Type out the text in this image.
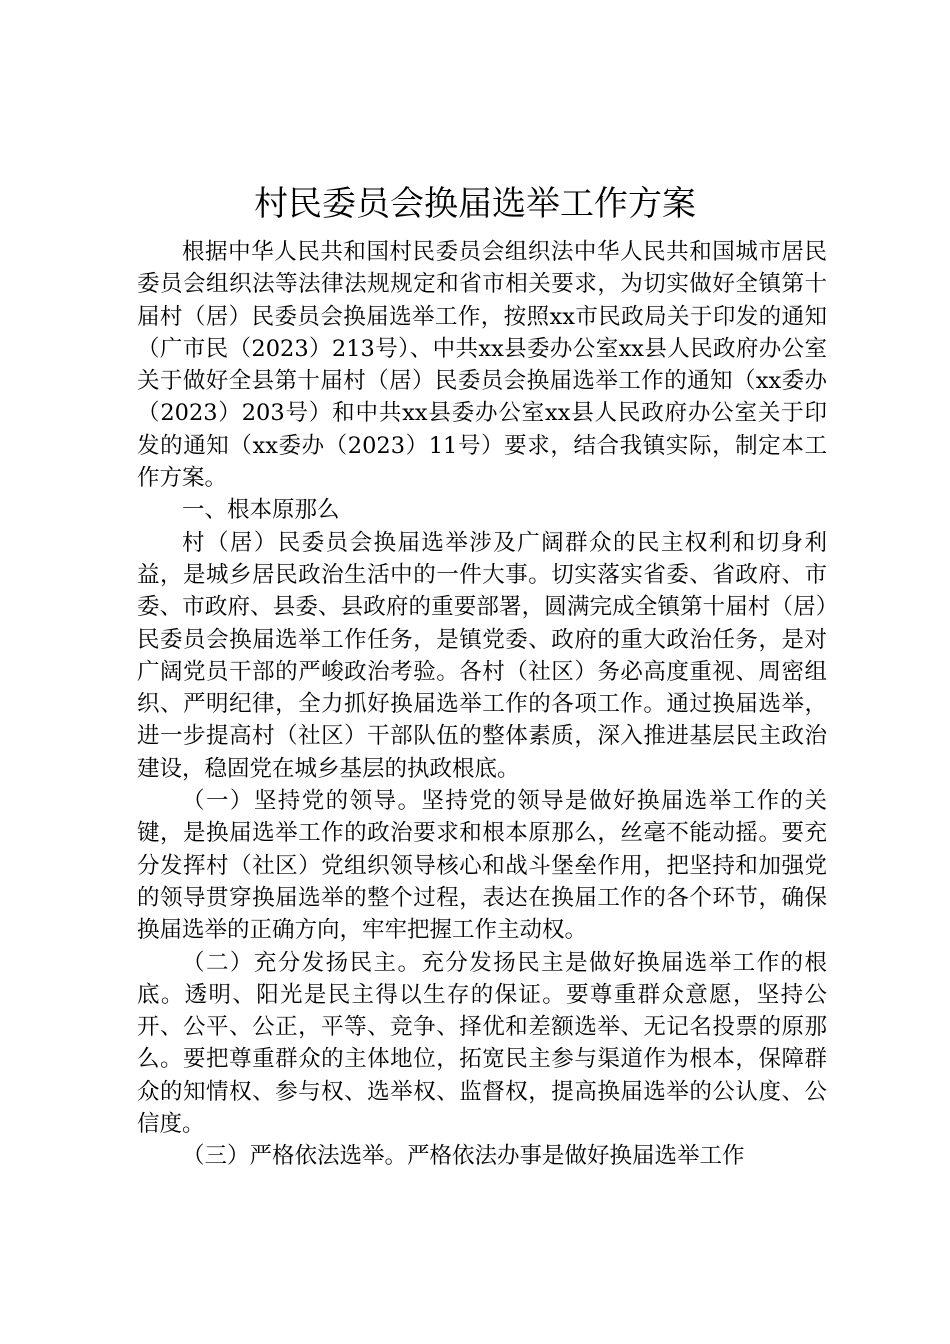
村民委员会换届选举工作方案

根据中华人民共和国村民委员会组织法中华人民共和国城市居民委员会组织法等法律法规规定和省市相关要求，为切实做好全镇第十届村（居）民委员会换届选举工作，按照xx市民政局关于印发的通知（广市民（2023）213号）、中共xx县委办公室xx县人民政府办公室关于做好全县第十届村（居）民委员会换届选举工作的通知（xx委办（2023）203号）和中共xx县委办公室xx县人民政府办公室关于印发的通知（xx委办（2023）11号）要求，结合我镇实际，制定本工作方案。

一、根本原那么

村（居）民委员会换届选举涉及广阔群众的民主权利和切身利益，是城乡居民政治生活中的一件大事。切实落实省委、省政府、市委、市政府、县委、县政府的重要部署，圆满完成全镇第十届村（居）民委员会换届选举工作任务，是镇党委、政府的重大政治任务，是对广阔党员干部的严峻政治考验。各村（社区）务必高度重视、周密组织、严明纪律，全力抓好换届选举工作的各项工作。通过换届选举，进一步提高村（社区）干部队伍的整体素质，深入推进基层民主政治建设，稳固党在城乡基层的执政根底。

（一）坚持党的领导。坚持党的领导是做好换届选举工作的关键，是换届选举工作的政治要求和根本原那么，丝毫不能动摇。要充分发挥村（社区）党组织领导核心和战斗堡垒作用，把坚持和加强党的领导贯穿换届选举的整个过程，表达在换届工作的各个环节，确保换届选举的正确方向，牢牢把握工作主动权。

（二）充分发扬民主。充分发扬民主是做好换届选举工作的根底。透明、阳光是民主得以生存的保证。要尊重群众意愿，坚持公开、公平、公正，平等、竞争、择优和差额选举、无记名投票的原那么。要把尊重群众的主体地位，拓宽民主参与渠道作为根本，保障群众的知情权、参与权、选举权、监督权，提高换届选举的公认度、公信度。

（三）严格依法选举。严格依法办事是做好换届选举工作
